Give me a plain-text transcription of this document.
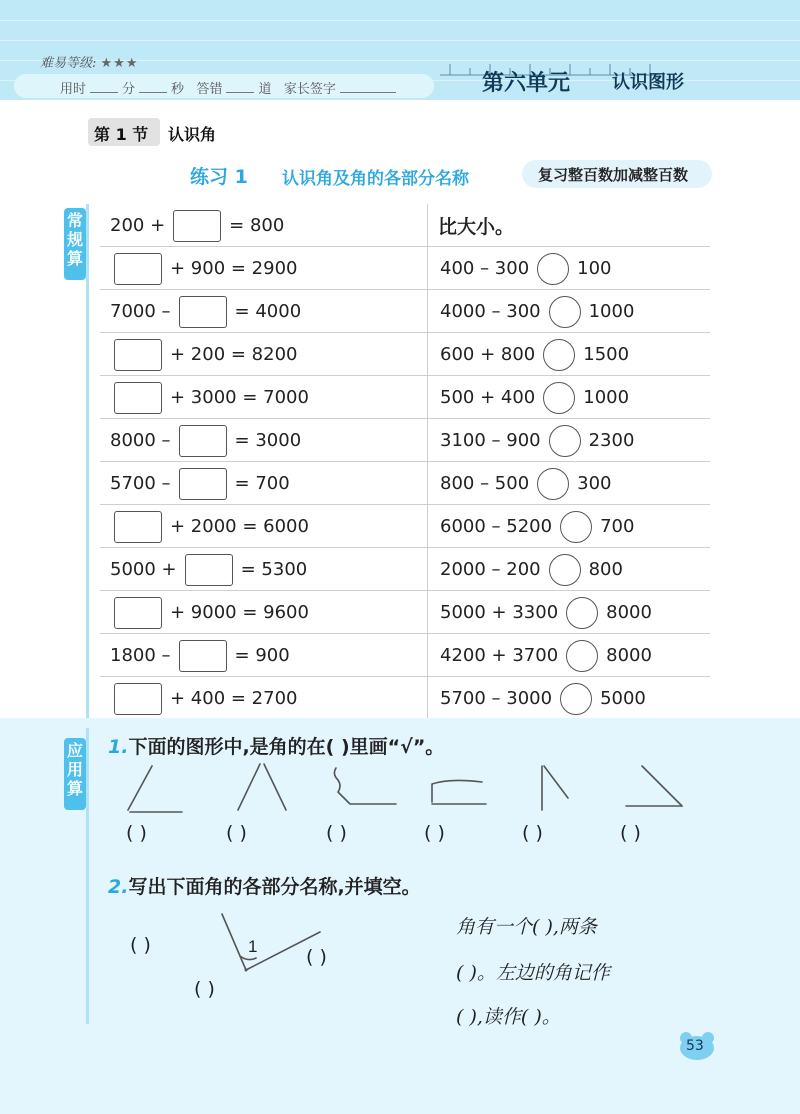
难易等级: ★★★
用时	分	秒 答错	道 家长签字	第六单元 认识图形
第 1 节 认识角
练习 1 认识角及角的各部分名称	复习整百数加减整百数
常规算
200 +	= 800	比大小。
+ 900 = 2900	400 – 300	100
7000 –	= 4000	4000 – 300	1000
+ 200 = 8200	600 + 800	1500
+ 3000 = 7000	500 + 400	1000
8000 –	= 3000	3100 – 900	2300
5700 –	= 700	800 – 500	300
+ 2000 = 6000	6000 – 5200	700
5000 +	= 5300	2000 – 200	800
+ 9000 = 9600	5000 + 3300	8000
1800 –	= 900	4200 + 3700	8000
+ 400 = 2700	5700 – 3000	5000
应用算
1.下面的图形中,是角的在( )里画“√”。
( )	( )	( )	( )	( )	( )
2.写出下面角的各部分名称,并填空。
1
( )
( )
( )
角有一个( ),两条
( )。左边的角记作
( ),读作( )。
53
